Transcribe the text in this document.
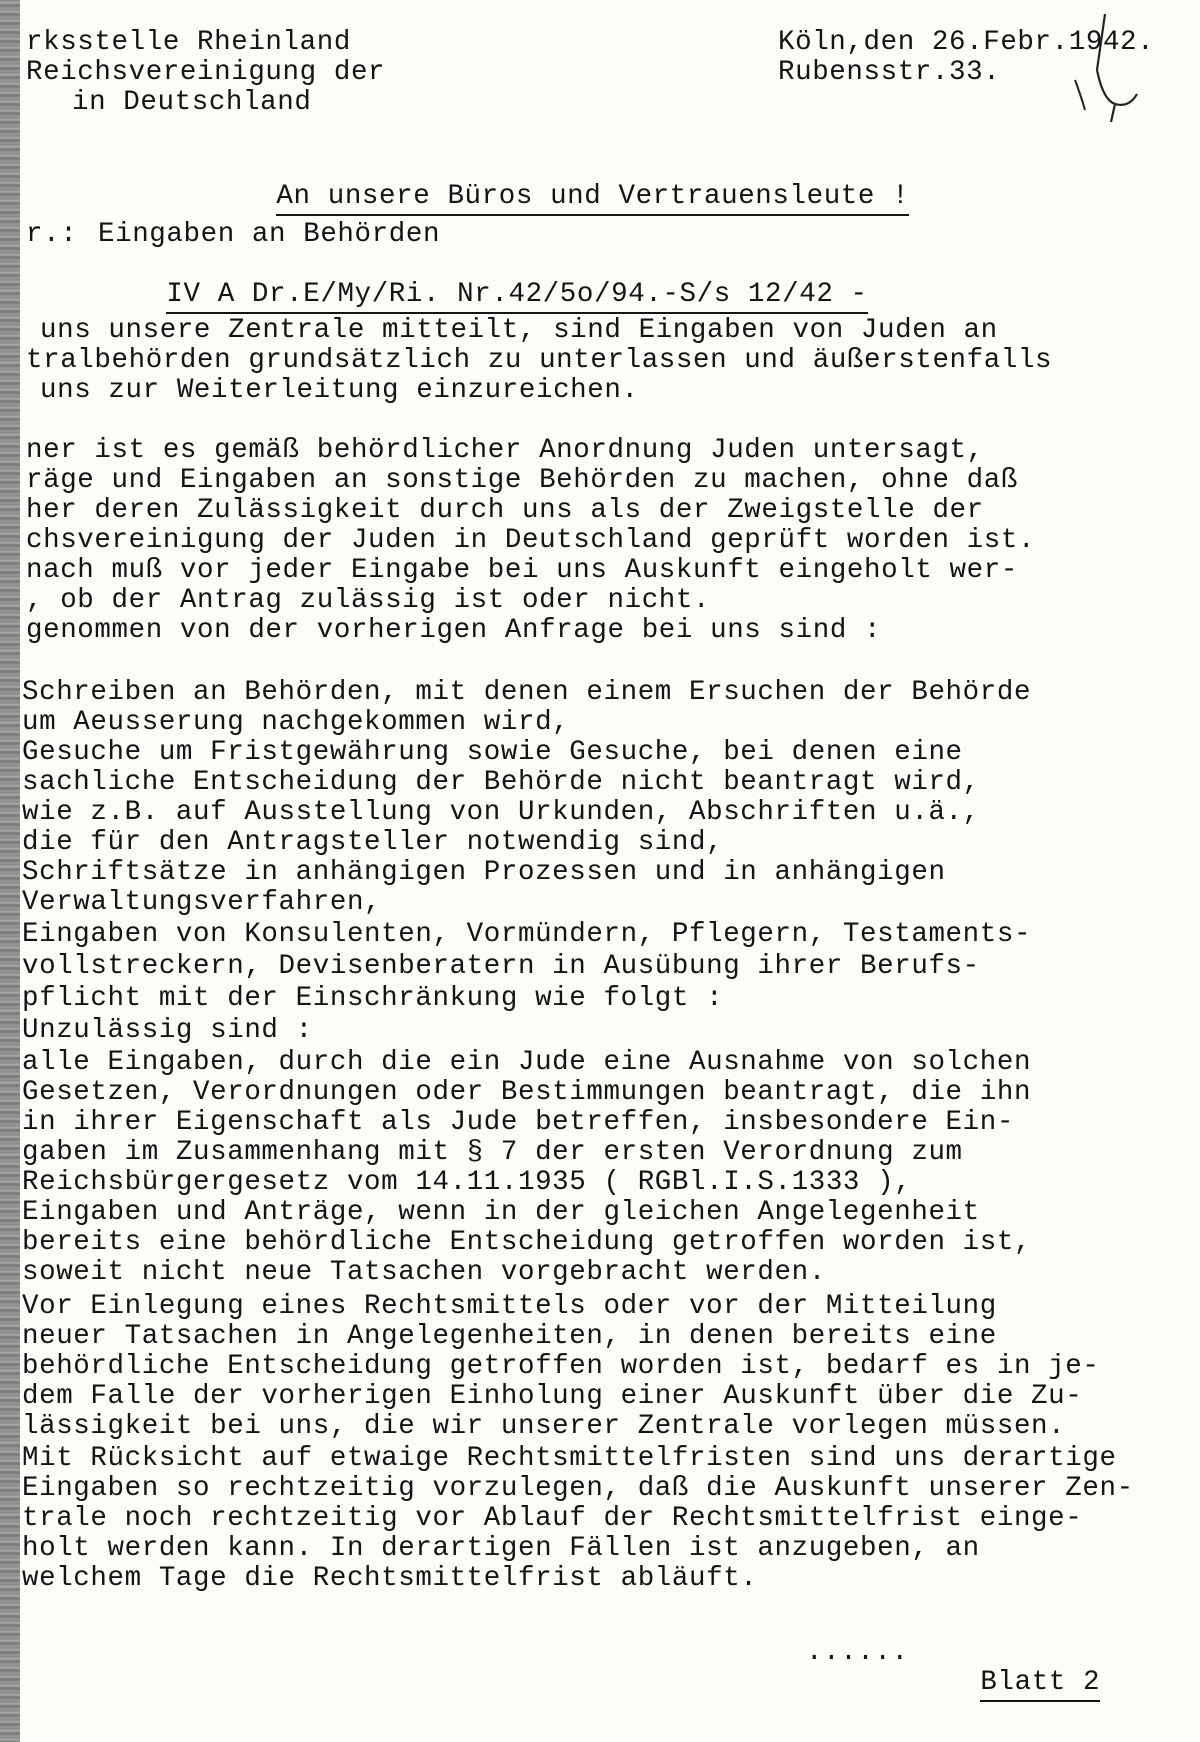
rksstelle Rheinland
Reichsvereinigung der
in Deutschland
Köln,den 26.Febr.1942.
Rubensstr.33.

An unsere Büros und Vertrauensleute !

r.: Eingaben an Behörden

IV A Dr.E/My/Ri. Nr.42/5o/94.-S/s 12/42 -

uns unsere Zentrale mitteilt, sind Eingaben von Juden an
tralbehörden grundsätzlich zu unterlassen und äußerstenfalls
uns zur Weiterleitung einzureichen.
ner ist es gemäß behördlicher Anordnung Juden untersagt,
räge und Eingaben an sonstige Behörden zu machen, ohne daß
her deren Zulässigkeit durch uns als der Zweigstelle der
chsvereinigung der Juden in Deutschland geprüft worden ist.
nach muß vor jeder Eingabe bei uns Auskunft eingeholt wer-
, ob der Antrag zulässig ist oder nicht.
genommen von der vorherigen Anfrage bei uns sind :
Schreiben an Behörden, mit denen einem Ersuchen der Behörde
um Aeusserung nachgekommen wird,
Gesuche um Fristgewährung sowie Gesuche, bei denen eine
sachliche Entscheidung der Behörde nicht beantragt wird,
wie z.B. auf Ausstellung von Urkunden, Abschriften u.ä.,
die für den Antragsteller notwendig sind,
Schriftsätze in anhängigen Prozessen und in anhängigen
Verwaltungsverfahren,
Eingaben von Konsulenten, Vormündern, Pflegern, Testaments-
vollstreckern, Devisenberatern in Ausübung ihrer Berufs-
pflicht mit der Einschränkung wie folgt :
Unzulässig sind :
alle Eingaben, durch die ein Jude eine Ausnahme von solchen
Gesetzen, Verordnungen oder Bestimmungen beantragt, die ihn
in ihrer Eigenschaft als Jude betreffen, insbesondere Ein-
gaben im Zusammenhang mit § 7 der ersten Verordnung zum
Reichsbürgergesetz vom 14.11.1935 ( RGBl.I.S.1333 ),
Eingaben und Anträge, wenn in der gleichen Angelegenheit
bereits eine behördliche Entscheidung getroffen worden ist,
soweit nicht neue Tatsachen vorgebracht werden.
Vor Einlegung eines Rechtsmittels oder vor der Mitteilung
neuer Tatsachen in Angelegenheiten, in denen bereits eine
behördliche Entscheidung getroffen worden ist, bedarf es in je-
dem Falle der vorherigen Einholung einer Auskunft über die Zu-
lässigkeit bei uns, die wir unserer Zentrale vorlegen müssen.
Mit Rücksicht auf etwaige Rechtsmittelfristen sind uns derartige
Eingaben so rechtzeitig vorzulegen, daß die Auskunft unserer Zen-
trale noch rechtzeitig vor Ablauf der Rechtsmittelfrist einge-
holt werden kann. In derartigen Fällen ist anzugeben, an
welchem Tage die Rechtsmittelfrist abläuft.
......

Blatt 2
